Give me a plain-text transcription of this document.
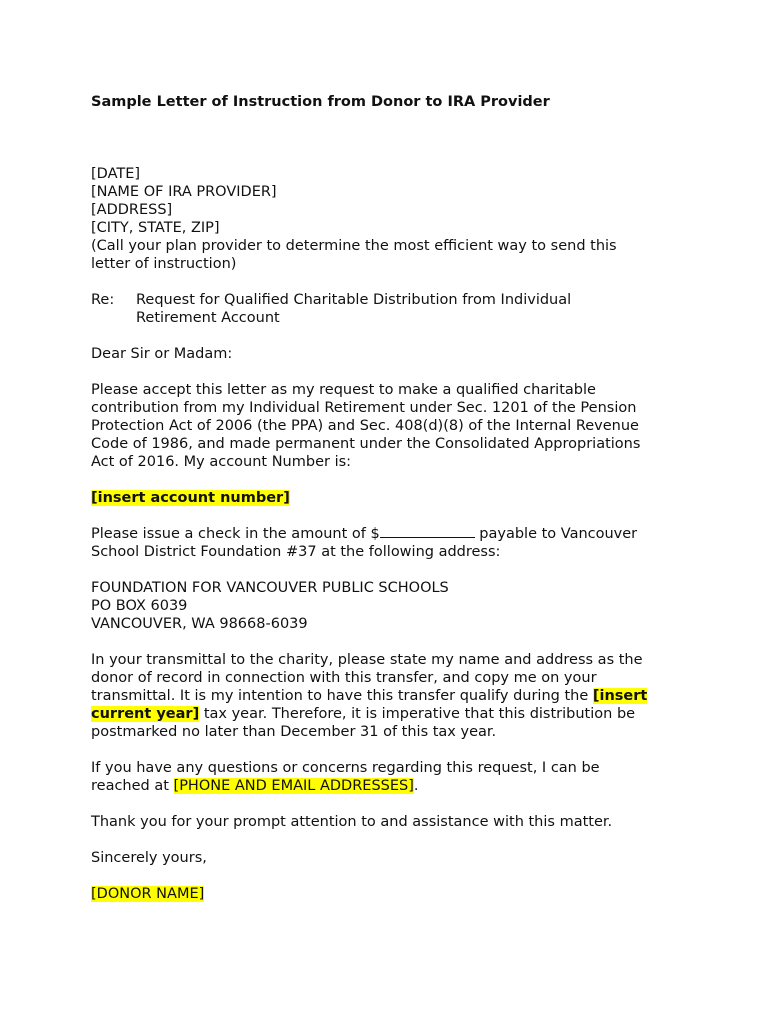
Sample Letter of Instruction from Donor to IRA Provider
[DATE]
[NAME OF IRA PROVIDER]
[ADDRESS]
[CITY, STATE, ZIP]
(Call your plan provider to determine the most efficient way to send this
letter of instruction)
Re:	Request for Qualified Charitable Distribution from Individual
Retirement Account
Dear Sir or Madam:
Please accept this letter as my request to make a qualified charitable
contribution from my Individual Retirement under Sec. 1201 of the Pension
Protection Act of 2006 (the PPA) and Sec. 408(d)(8) of the Internal Revenue
Code of 1986, and made permanent under the Consolidated Appropriations
Act of 2016. My account Number is:
[insert account number]
Please issue a check in the amount of $	payable to Vancouver
School District Foundation #37 at the following address:
FOUNDATION FOR VANCOUVER PUBLIC SCHOOLS
PO BOX 6039
VANCOUVER, WA 98668-6039
In your transmittal to the charity, please state my name and address as the
donor of record in connection with this transfer, and copy me on your
transmittal. It is my intention to have this transfer qualify during the [insert
current year] tax year. Therefore, it is imperative that this distribution be
postmarked no later than December 31 of this tax year.
If you have any questions or concerns regarding this request, I can be
reached at [PHONE AND EMAIL ADDRESSES].
Thank you for your prompt attention to and assistance with this matter.
Sincerely yours,
[DONOR NAME]
